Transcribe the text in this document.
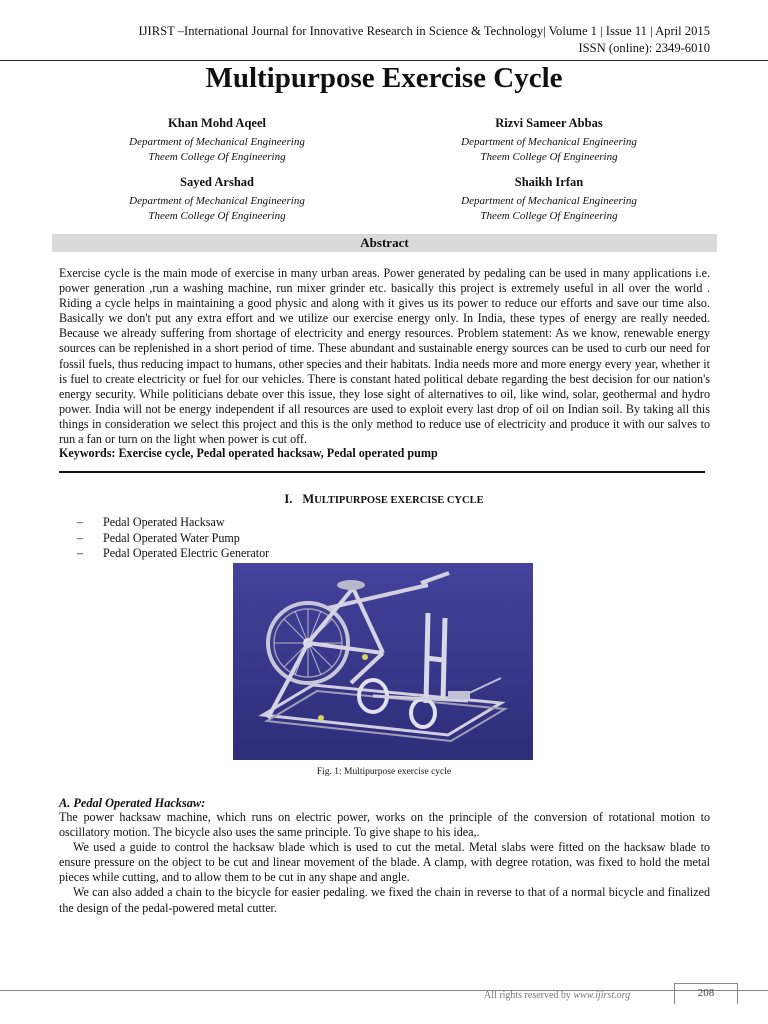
IJIRST –International Journal for Innovative Research in Science & Technology| Volume 1 | Issue 11 | April 2015
ISSN (online): 2349-6010
Multipurpose Exercise Cycle
Khan Mohd Aqeel
Department of Mechanical Engineering
Theem College Of Engineering
Rizvi Sameer Abbas
Department of Mechanical Engineering
Theem College Of Engineering
Sayed Arshad
Department of Mechanical Engineering
Theem College Of Engineering
Shaikh Irfan
Department of Mechanical Engineering
Theem College Of Engineering
Abstract
Exercise cycle is the main mode of exercise in many urban areas. Power generated by pedaling can be used in many applications i.e. power generation ,run a washing machine, run mixer grinder etc. basically this project is extremely useful in all over the world . Riding a cycle helps in maintaining a good physic and along with it gives us its power to reduce our efforts and save our time also. Basically we don't put any extra effort and we utilize our exercise energy only. In India, these types of energy are really needed. Because we already suffering from shortage of electricity and energy resources. Problem statement: As we know, renewable energy sources can be replenished in a short period of time. These abundant and sustainable energy sources can be used to curb our need for fossil fuels, thus reducing impact to humans, other species and their habitats. India needs more and more energy every year, whether it is fuel to create electricity or fuel for our vehicles. There is constant hated political debate regarding the best decision for our nation's energy security. While politicians debate over this issue, they lose sight of alternatives to oil, like wind, solar, geothermal and hydro power. India will not be energy independent if all resources are used to exploit every last drop of oil on Indian soil. By taking all this things in consideration we select this project and this is the only method to reduce use of electricity and produce it with our salves to run a fan or turn on the light when power is cut off.
Keywords: Exercise cycle, Pedal operated hacksaw, Pedal operated pump
I. MULTIPURPOSE EXERCISE CYCLE
– Pedal Operated Hacksaw
– Pedal Operated Water Pump
– Pedal Operated Electric Generator
Fig. 1: Multipurpose exercise cycle
A. Pedal Operated Hacksaw:

The power hacksaw machine, which runs on electric power, works on the principle of the conversion of rotational motion to oscillatory motion. The bicycle also uses the same principle. To give shape to his idea,.

We used a guide to control the hacksaw blade which is used to cut the metal. Metal slabs were fitted on the hacksaw blade to ensure pressure on the object to be cut and linear movement of the blade. A clamp, with degree rotation, was fixed to hold the metal pieces while cutting, and to allow them to be cut in any shape and angle.

We can also added a chain to the bicycle for easier pedaling. we fixed the chain in reverse to that of a normal bicycle and finalized the design of the pedal-powered metal cutter.

All rights reserved by www.ijirst.org	208
